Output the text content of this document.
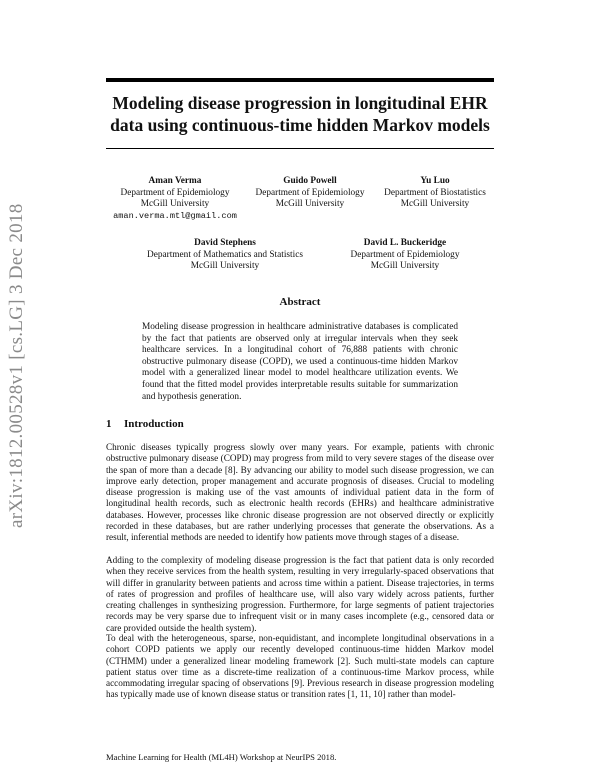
arXiv:1812.00528v1 [cs.LG] 3 Dec 2018
Modeling disease progression in longitudinal EHR
data using continuous-time hidden Markov models
Aman Verma
Department of Epidemiology
McGill University
aman.verma.mtl@gmail.com
Guido Powell
Department of Epidemiology
McGill University
Yu Luo
Department of Biostatistics
McGill University
David Stephens
Department of Mathematics and Statistics
McGill University
David L. Buckeridge
Department of Epidemiology
McGill University
Abstract

Modeling disease progression in healthcare administrative databases is complicated by the fact that patients are observed only at irregular intervals when they seek healthcare services. In a longitudinal cohort of 76,888 patients with chronic obstructive pulmonary disease (COPD), we used a continuous-time hidden Markov model with a generalized linear model to model healthcare utilization events. We found that the fitted model provides interpretable results suitable for summarization and hypothesis generation.

1 Introduction

Chronic diseases typically progress slowly over many years. For example, patients with chronic obstructive pulmonary disease (COPD) may progress from mild to very severe stages of the disease over the span of more than a decade [8]. By advancing our ability to model such disease progression, we can improve early detection, proper management and accurate prognosis of diseases. Crucial to modeling disease progression is making use of the vast amounts of individual patient data in the form of longitudinal health records, such as electronic health records (EHRs) and healthcare administrative databases. However, processes like chronic disease progression are not observed directly or explicitly recorded in these databases, but are rather underlying processes that generate the observations. As a result, inferential methods are needed to identify how patients move through stages of a disease.

Adding to the complexity of modeling disease progression is the fact that patient data is only recorded when they receive services from the health system, resulting in very irregularly-spaced observations that will differ in granularity between patients and across time within a patient. Disease trajectories, in terms of rates of progression and profiles of healthcare use, will also vary widely across patients, further creating challenges in synthesizing progression. Furthermore, for large segments of patient trajectories records may be very sparse due to infrequent visit or in many cases incomplete (e.g., censored data or care provided outside the health system).

To deal with the heterogeneous, sparse, non-equidistant, and incomplete longitudinal observations in a cohort COPD patients we apply our recently developed continuous-time hidden Markov model (CTHMM) under a generalized linear modeling framework [2]. Such multi-state models can capture patient status over time as a discrete-time realization of a continuous-time Markov process, while accommodating irregular spacing of observations [9]. Previous research in disease progression modeling has typically made use of known disease status or transition rates [1, 11, 10] rather than model-

Machine Learning for Health (ML4H) Workshop at NeurIPS 2018.
